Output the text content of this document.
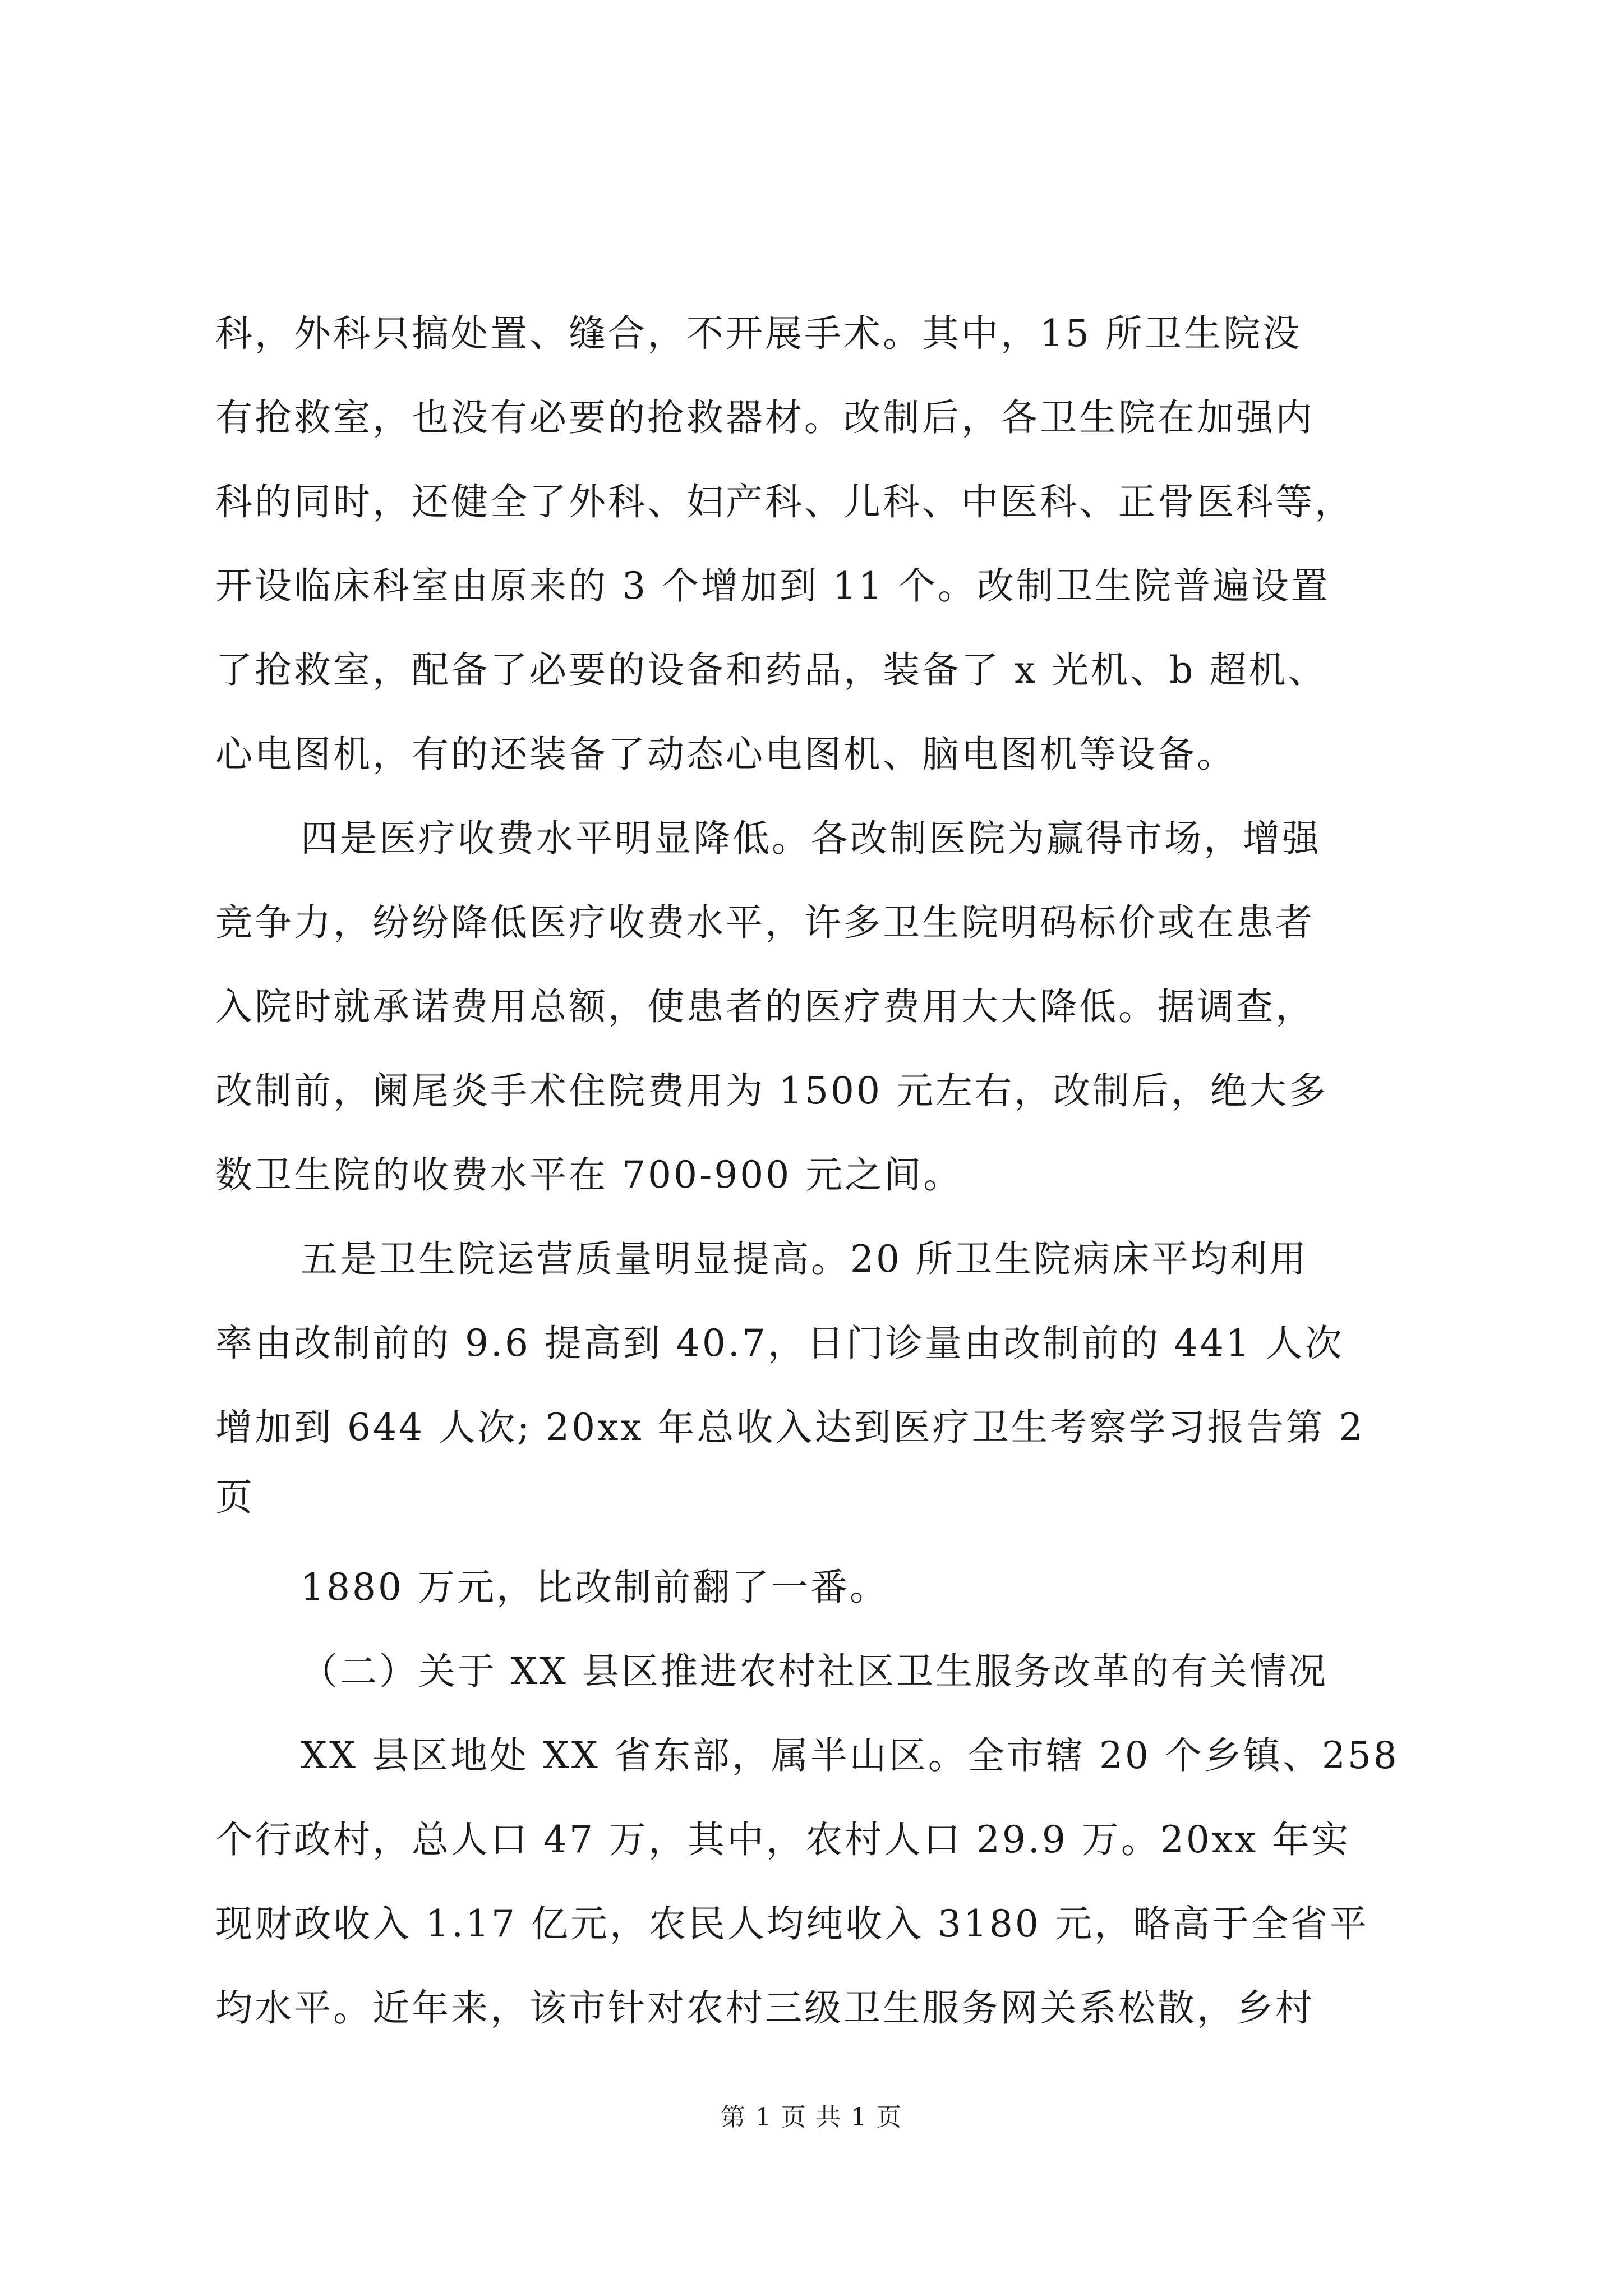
科，外科只搞处置、缝合，不开展手术。其中，15 所卫生院没
有抢救室，也没有必要的抢救器材。改制后，各卫生院在加强内
科的同时，还健全了外科、妇产科、儿科、中医科、正骨医科等，
开设临床科室由原来的 3 个增加到 11 个。改制卫生院普遍设置
了抢救室，配备了必要的设备和药品，装备了 x 光机、b 超机、
心电图机，有的还装备了动态心电图机、脑电图机等设备。
四是医疗收费水平明显降低。各改制医院为赢得市场，增强
竞争力，纷纷降低医疗收费水平，许多卫生院明码标价或在患者
入院时就承诺费用总额，使患者的医疗费用大大降低。据调查，
改制前，阑尾炎手术住院费用为 1500 元左右，改制后，绝大多
数卫生院的收费水平在 700-900 元之间。
五是卫生院运营质量明显提高。20 所卫生院病床平均利用
率由改制前的 9.6 提高到 40.7，日门诊量由改制前的 441 人次
增加到 644 人次; 20xx 年总收入达到医疗卫生考察学习报告第 2
页
1880 万元，比改制前翻了一番。
（二）关于 XX 县区推进农村社区卫生服务改革的有关情况
XX 县区地处 XX 省东部，属半山区。全市辖 20 个乡镇、258
个行政村，总人口 47 万，其中，农村人口 29.9 万。20xx 年实
现财政收入 1.17 亿元，农民人均纯收入 3180 元，略高于全省平
均水平。近年来，该市针对农村三级卫生服务网关系松散，乡村
第 1 页 共 1 页
